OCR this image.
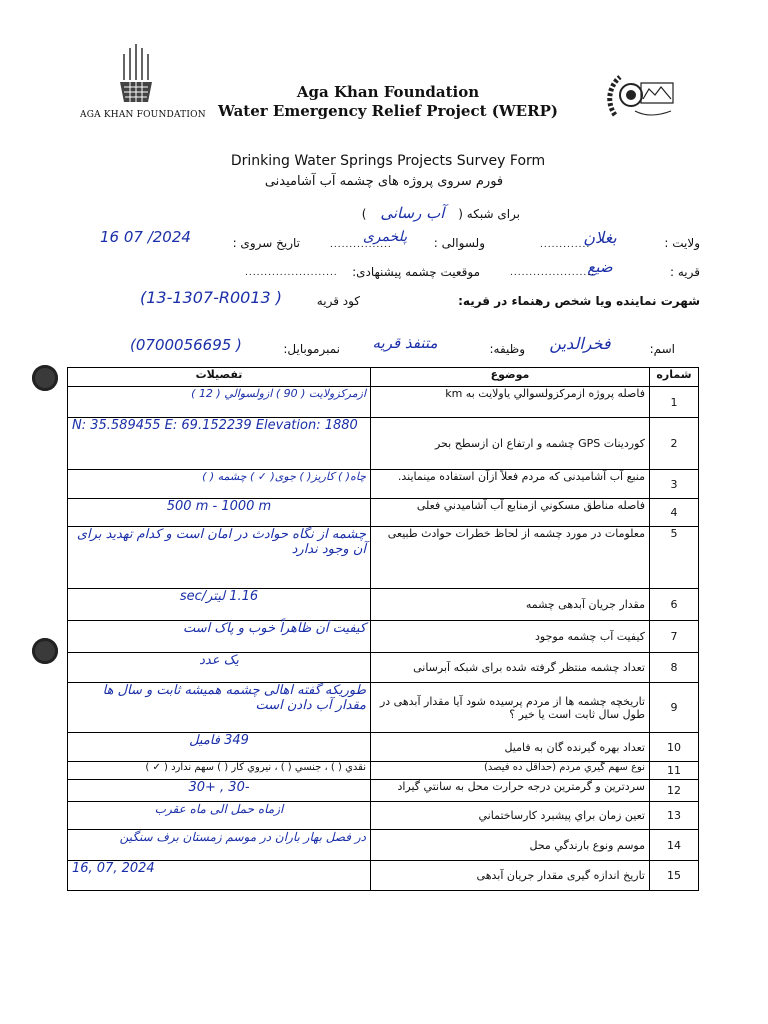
AGA KHAN FOUNDATION
Aga Khan Foundation
Water Emergency Relief Project (WERP)
Drinking Water Springs Projects Survey Form
فورم سروی پروژه های چشمه آب آشامیدنی
برای شبکه ( آب رسانی )
ولایت :
بغلان
.............
ولسوالی :
پلخمری
................
تاریخ سروی :
16 07 /2024
قریه :
ضیع
......................
موقعیت چشمه پیشنهادی:
........................
شهرت نماینده ویا شخص رهنماء در قریه:
کود قریه
(13-1307-R0013 )
اسم:
فخرالدین
وظیفه:
متنفذ قریه
نمبرموبایل:
(0700056695 )
تفصیلات	موضوع	شماره
ازمرکزولایت ( 90 ) ازولسوالي ( 12 )	فاصله پروژه ازمرکزولسوالي یاولایت به km	1
N: 35.589455 E: 69.152239 Elevation: 1880	کوردینات GPS چشمه و ارتفاع ان ازسطح بحر	2
چاه( ) کاریز( ) جوی( ✓ ) چشمه ( )	منبع آب آشامیدنی که مردم فعلاً ازآن استفاده مینمایند.	3
500 m - 1000 m	فاصله مناطق مسکوني ازمنابع آب آشامیدني فعلی	4
چشمه از نگاه حوادث در امان است و کدام تهدید برای آن وجود ندارد	معلومات در مورد چشمه از لحاظ خطرات حوادث طبیعی	5
1.16 لیتر/sec	مقدار جریان آبدهی چشمه	6
کیفیت آن ظاهراً خوب و پاک است	کیفیت آب چشمه موجود	7
یک عدد	تعداد چشمه منتظر گرفته شده برای شبکه آبرسانی	8
طوریکه گفته اهالی چشمه همیشه ثابت و سال ها مقدار آب دادن است	تاریخچه چشمه ها از مردم پرسیده شود آیا مقدار آبدهی در طول سال ثابت است یا خیر ؟	9
349 فامیل	تعداد بهره گیرنده گان به فامیل	10
نقدي ( ) ، جنسي ( ) ، نیروي کار ( ) سهم ندارد ( ✓ )	نوع سهم گیري مردم (حداقل ده فیصد)	11
-30 , +30	سردترین و گرمترین درجه حرارت محل به سانتي گیراد	12
ازماه حمل الی ماه عقرب	تعین زمان براي پیشبرد کارساختماني	13
در فصل بهار باران در موسم زمستان برف سنگین	موسم ونوع بارندگي محل	14
16, 07, 2024	تاریخ اندازه گیری مقدار جریان آبدهی	15
